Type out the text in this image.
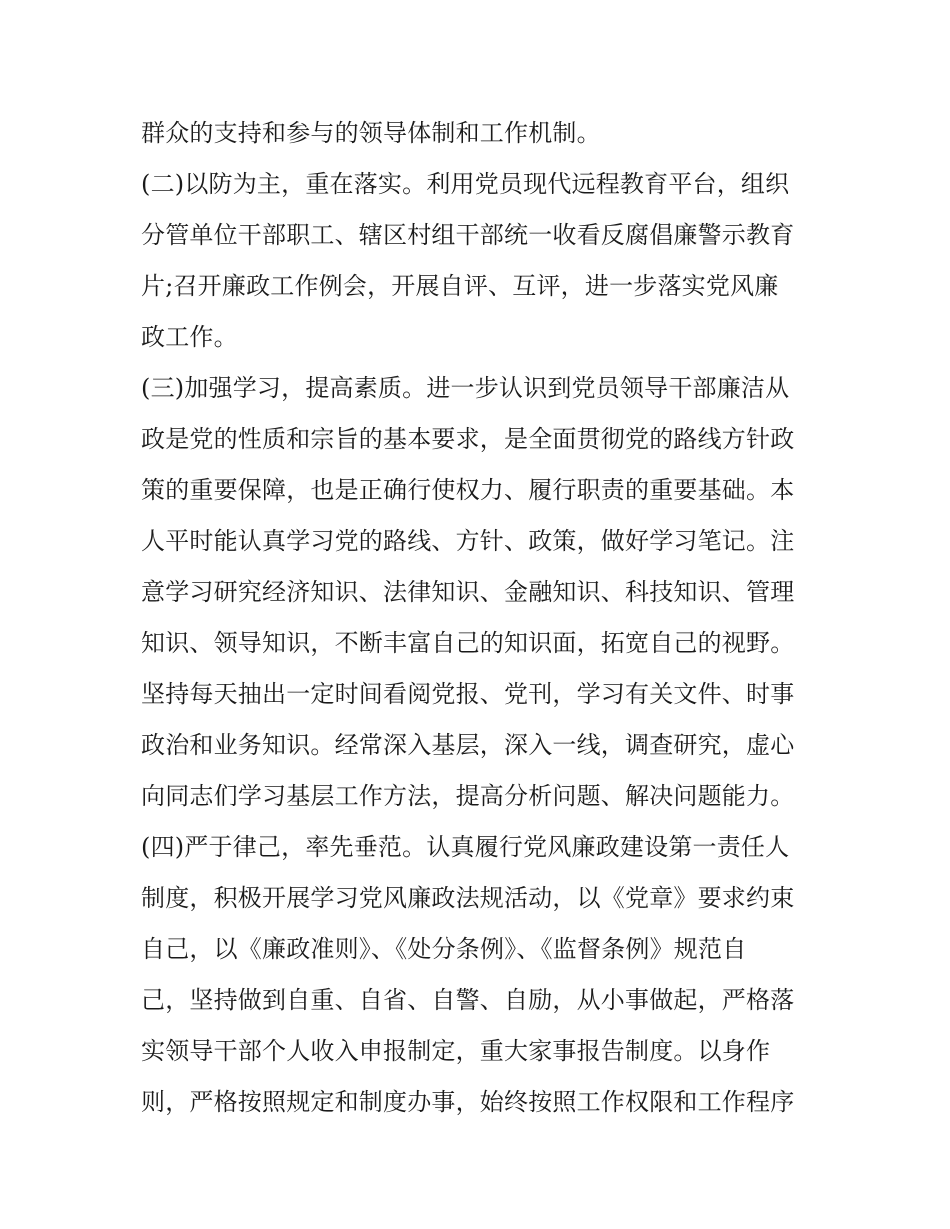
群众的支持和参与的领导体制和工作机制。
(二)以防为主，重在落实。利用党员现代远程教育平台，组织
分管单位干部职工、辖区村组干部统一收看反腐倡廉警示教育
片;召开廉政工作例会，开展自评、互评，进一步落实党风廉
政工作。
(三)加强学习，提高素质。进一步认识到党员领导干部廉洁从
政是党的性质和宗旨的基本要求，是全面贯彻党的路线方针政
策的重要保障，也是正确行使权力、履行职责的重要基础。本
人平时能认真学习党的路线、方针、政策，做好学习笔记。注
意学习研究经济知识、法律知识、金融知识、科技知识、管理
知识、领导知识，不断丰富自己的知识面，拓宽自己的视野。
坚持每天抽出一定时间看阅党报、党刊，学习有关文件、时事
政治和业务知识。经常深入基层，深入一线，调查研究，虚心
向同志们学习基层工作方法，提高分析问题、解决问题能力。
(四)严于律己，率先垂范。认真履行党风廉政建设第一责任人
制度，积极开展学习党风廉政法规活动，以《党章》要求约束
自己，以《廉政准则》、《处分条例》、《监督条例》规范自
己，坚持做到自重、自省、自警、自励，从小事做起，严格落
实领导干部个人收入申报制定，重大家事报告制度。以身作
则，严格按照规定和制度办事，始终按照工作权限和工作程序
